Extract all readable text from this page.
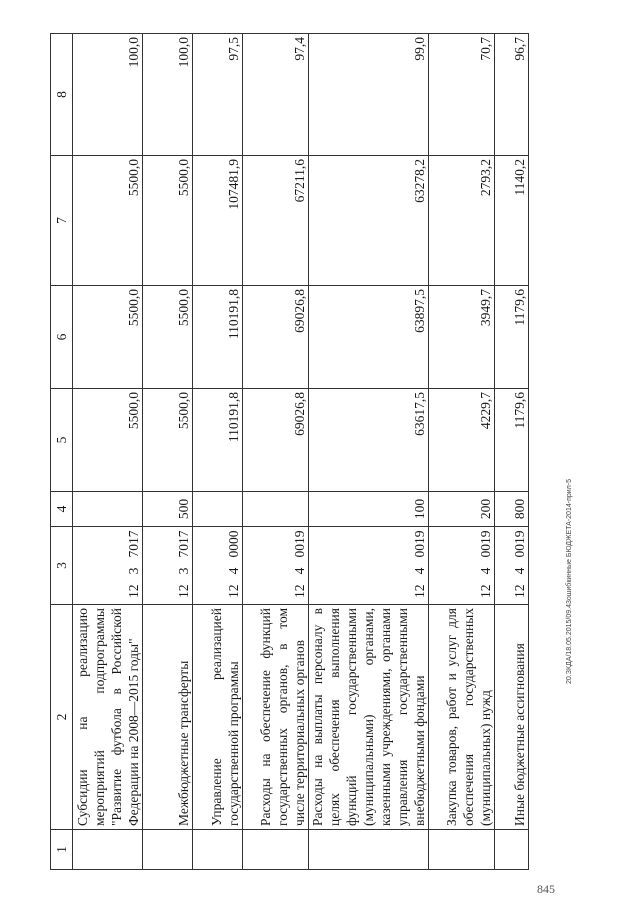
1	2	3	4	5	6	7	8
	Субсидии на реализацию мероприятий подпрограммы "Развитие футбола в Российской Федерации на 2008—2015 годы"	12   3   7017		5500,0	5500,0	5500,0	100,0
	Межбюджетные трансферты	12   3   7017	500	5500,0	5500,0	5500,0	100,0
	Управление реализацией государственной программы	12   4   0000		110191,8	110191,8	107481,9	97,5
	Расходы на обеспечение функций государственных органов, в том числе территориальных органов	12   4   0019		69026,8	69026,8	67211,6	97,4
	Расходы на выплаты персоналу в целях обеспечения выполнения функций государственными (муниципальными) органами, казенными учреждениями, органами управления государственными внебюджетными фондами	12   4   0019	100	63617,5	63897,5	63278,2	99,0
	Закупка товаров, работ и услуг для обеспечения государственных (муниципальных) нужд	12   4   0019	200	4229,7	3949,7	2793,2	70,7
	Иные бюджетные ассигнования	12   4   0019	800	1179,6	1179,6	1140,2	96,7
20.ЗКДА/18.05.2015/09.43ошибкинные БЮДЖЕТА-2014-прил-5
845
